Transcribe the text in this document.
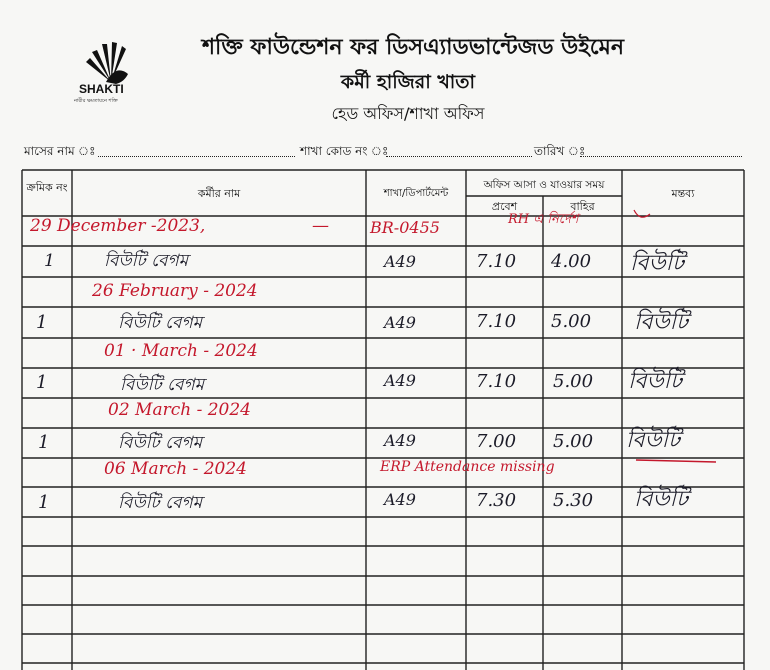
SHAKTI
নারীর ক্ষমতায়নে শক্তি
শক্তি ফাউন্ডেশন ফর ডিসএ্যাডভান্টেজড উইমেন
কর্মী হাজিরা খাতা
হেড অফিস/শাখা অফিস
মাসের নাম ঃ	শাখা কোড নং ঃ	তারিখ ঃ
ক্রমিক নং	কর্মীর নাম	শাখা/ডিপার্টমেন্ট
অফিস আসা ও যাওয়ার সময়
প্রবেশ	বাহির
মন্তব্য
29 December -2023,	—	BR-0455	RH এ নির্দেশ
1	বিউটি বেগম	A49	7.10 4.00 বিউটি
26 February - 2024
1	বিউটি বেগম	A49	7.10 5.00 বিউটি
01 · March - 2024
1	বিউটি বেগম	A49	7.10 5.00 বিউটি
02 March - 2024
1	বিউটি বেগম	A49	7.00 5.00 বিউটি
06 March - 2024	ERP Attendance missing
1	বিউটি বেগম	A49	7.30 5.30 বিউটি
